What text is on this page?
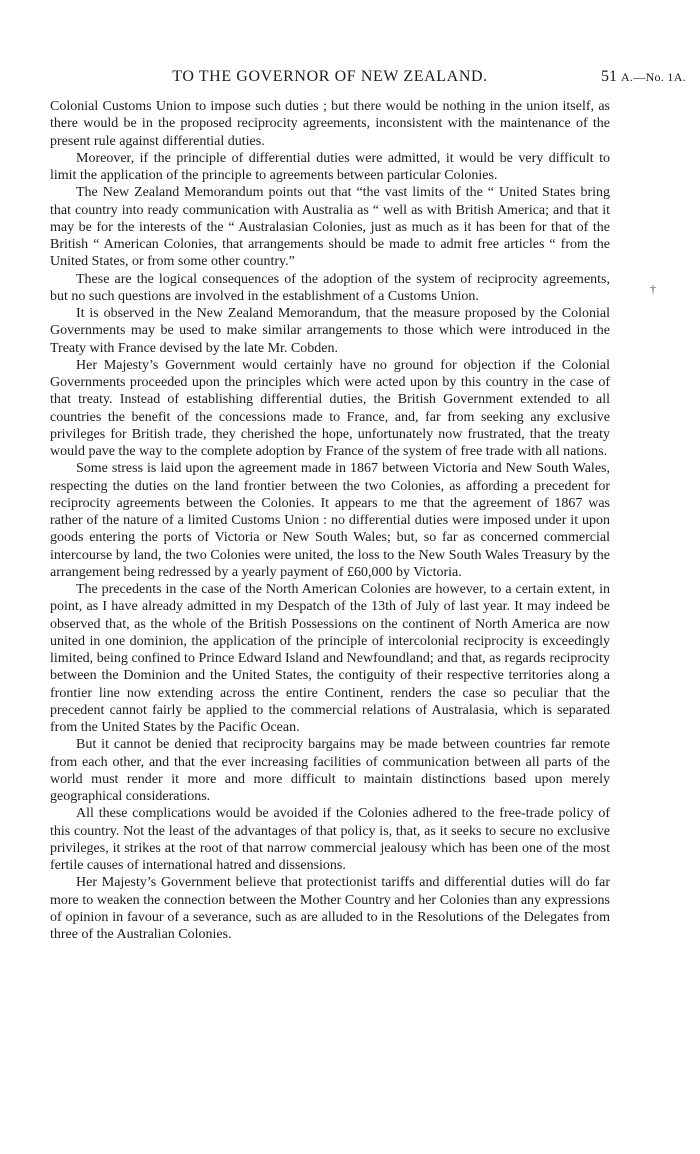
TO THE GOVERNOR OF NEW ZEALAND.	51 A.—No. 1A.

Colonial Customs Union to impose such duties ; but there would be nothing in the union itself, as there would be in the proposed reciprocity agreements, inconsistent with the maintenance of the present rule against differential duties.

Moreover, if the principle of differential duties were admitted, it would be very difficult to limit the application of the principle to agreements between particular Colonies.

The New Zealand Memorandum points out that “the vast limits of the “ United States bring that country into ready communication with Australia as “ well as with British America; and that it may be for the interests of the “ Australasian Colonies, just as much as it has been for that of the British “ American Colonies, that arrangements should be made to admit free articles “ from the United States, or from some other country.”

These are the logical consequences of the adoption of the system of reciprocity agreements, but no such questions are involved in the establishment of a Customs Union.

It is observed in the New Zealand Memorandum, that the measure proposed by the Colonial Governments may be used to make similar arrangements to those which were introduced in the Treaty with France devised by the late Mr. Cobden.

Her Majesty’s Government would certainly have no ground for objection if the Colonial Governments proceeded upon the principles which were acted upon by this country in the case of that treaty. Instead of establishing differential duties, the British Government extended to all countries the benefit of the concessions made to France, and, far from seeking any exclusive privileges for British trade, they cherished the hope, unfortunately now frustrated, that the treaty would pave the way to the complete adoption by France of the system of free trade with all nations.

Some stress is laid upon the agreement made in 1867 between Victoria and New South Wales, respecting the duties on the land frontier between the two Colonies, as affording a precedent for reciprocity agreements between the Colonies. It appears to me that the agreement of 1867 was rather of the nature of a limited Customs Union : no differential duties were imposed under it upon goods entering the ports of Victoria or New South Wales; but, so far as concerned commercial intercourse by land, the two Colonies were united, the loss to the New South Wales Treasury by the arrangement being redressed by a yearly payment of £60,000 by Victoria.

The precedents in the case of the North American Colonies are however, to a certain extent, in point, as I have already admitted in my Despatch of the 13th of July of last year. It may indeed be observed that, as the whole of the British Possessions on the continent of North America are now united in one dominion, the application of the principle of intercolonial reciprocity is exceedingly limited, being confined to Prince Edward Island and Newfoundland; and that, as regards reciprocity between the Dominion and the United States, the contiguity of their respective territories along a frontier line now extending across the entire Continent, renders the case so peculiar that the precedent cannot fairly be applied to the commercial relations of Australasia, which is separated from the United States by the Pacific Ocean.

But it cannot be denied that reciprocity bargains may be made between countries far remote from each other, and that the ever increasing facilities of communication between all parts of the world must render it more and more difficult to maintain distinctions based upon merely geographical considerations.

All these complications would be avoided if the Colonies adhered to the free-trade policy of this country. Not the least of the advantages of that policy is, that, as it seeks to secure no exclusive privileges, it strikes at the root of that narrow commercial jealousy which has been one of the most fertile causes of international hatred and dissensions.

Her Majesty’s Government believe that protectionist tariffs and differential duties will do far more to weaken the connection between the Mother Country and her Colonies than any expressions of opinion in favour of a severance, such as are alluded to in the Resolutions of the Delegates from three of the Australian Colonies.

†
